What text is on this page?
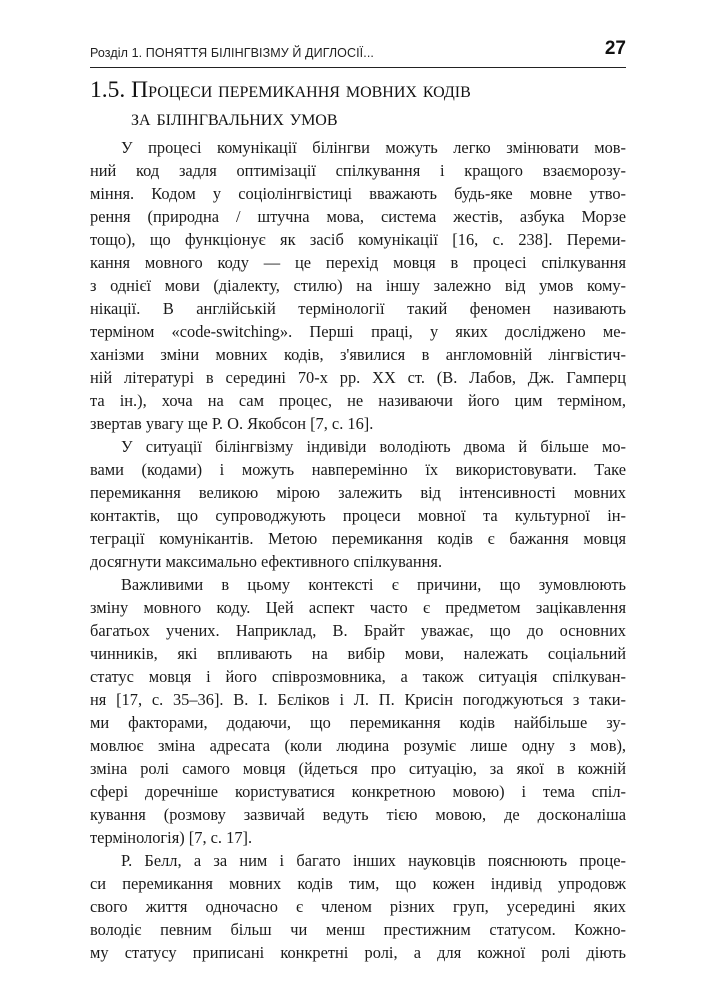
Розділ 1. ПОНЯТТЯ БІЛІНГВІЗМУ Й ДИГЛОСІЇ...	27
1.5. Процеси перемикання мовних кодів
за білінгвальних умов
У процесі комунікації білінгви можуть легко змінювати мов-
ний код задля оптимізації спілкування і кращого взаєморозу-
міння. Кодом у соціолінгвістиці вважають будь-яке мовне утво-
рення (природна / штучна мова, система жестів, азбука Морзе
тощо), що функціонує як засіб комунікації [16, с. 238]. Переми-
кання мовного коду — це перехід мовця в процесі спілкування
з однієї мови (діалекту, стилю) на іншу залежно від умов кому-
нікації. В англійській термінології такий феномен називають
терміном «code-switching». Перші праці, у яких досліджено ме-
ханізми зміни мовних кодів, з'явилися в англомовній лінгвістич-
ній літературі в середині 70-х рр. ХХ ст. (В. Лабов, Дж. Гамперц
та ін.), хоча на сам процес, не називаючи його цим терміном,
звертав увагу ще Р. О. Якобсон [7, с. 16].
У ситуації білінгвізму індивіди володіють двома й більше мо-
вами (кодами) і можуть навперемінно їх використовувати. Таке
перемикання великою мірою залежить від інтенсивності мовних
контактів, що супроводжують процеси мовної та культурної ін-
теграції комунікантів. Метою перемикання кодів є бажання мовця
досягнути максимально ефективного спілкування.
Важливими в цьому контексті є причини, що зумовлюють
зміну мовного коду. Цей аспект часто є предметом зацікавлення
багатьох учених. Наприклад, В. Брайт уважає, що до основних
чинників, які впливають на вибір мови, належать соціальний
статус мовця і його співрозмовника, а також ситуація спілкуван-
ня [17, с. 35–36]. В. І. Бєліков і Л. П. Крисін погоджуються з таки-
ми факторами, додаючи, що перемикання кодів найбільше зу-
мовлює зміна адресата (коли людина розуміє лише одну з мов),
зміна ролі самого мовця (йдеться про ситуацію, за якої в кожній
сфері доречніше користуватися конкретною мовою) і тема спіл-
кування (розмову зазвичай ведуть тією мовою, де досконаліша
термінологія) [7, с. 17].
Р. Белл, а за ним і багато інших науковців пояснюють проце-
си перемикання мовних кодів тим, що кожен індивід упродовж
свого життя одночасно є членом різних груп, усередині яких
володіє певним більш чи менш престижним статусом. Кожно-
му статусу приписані конкретні ролі, а для кожної ролі діють
